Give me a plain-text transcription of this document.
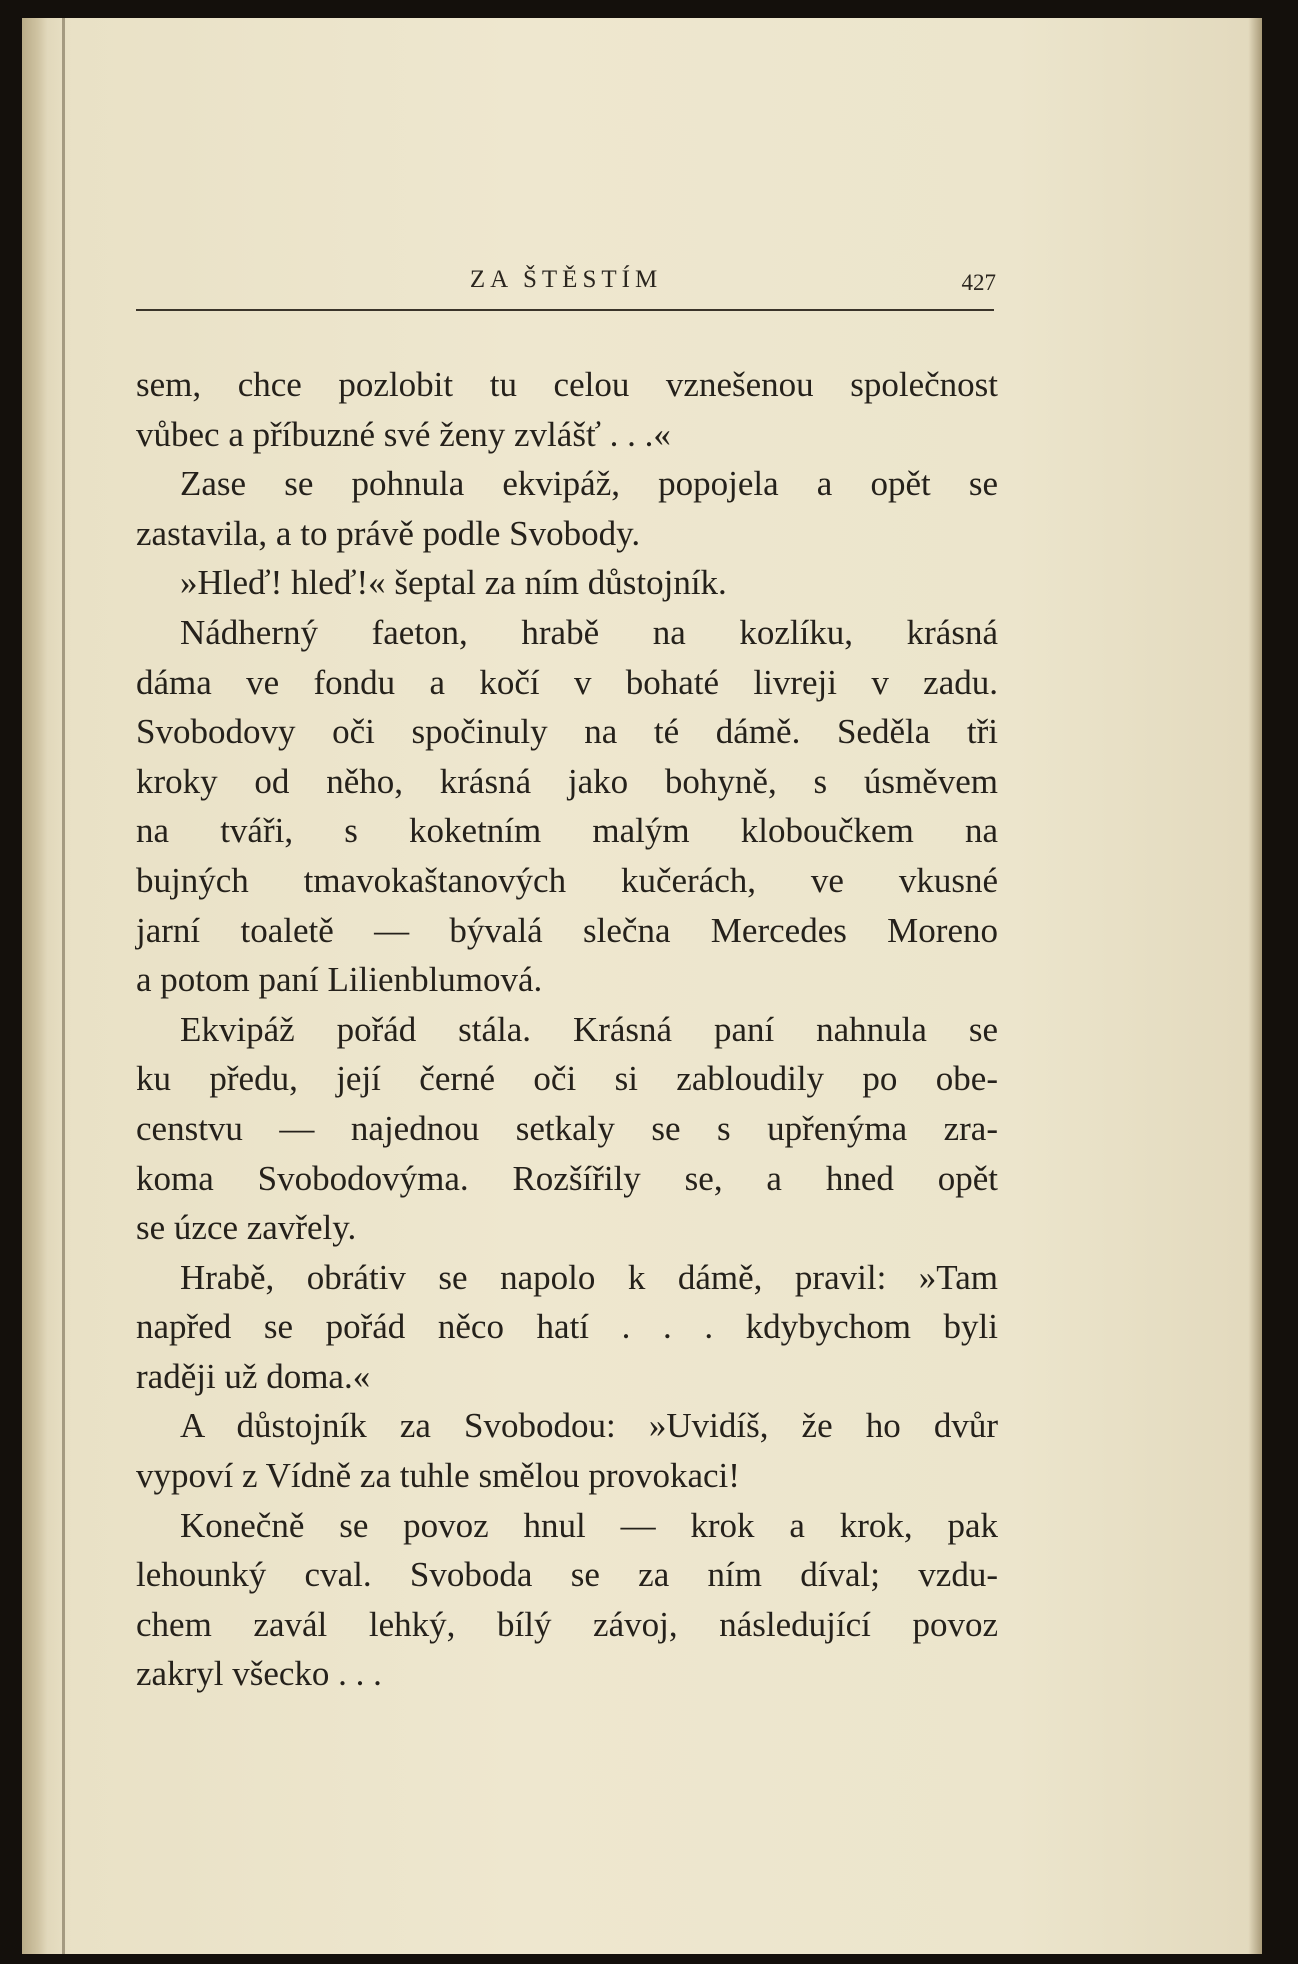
ZA ŠTĚSTÍM	427
sem, chce pozlobit tu celou vznešenou společnost
vůbec a příbuzné své ženy zvlášť . . .«
Zase se pohnula ekvipáž, popojela a opět se
zastavila, a to právě podle Svobody.
»Hleď! hleď!« šeptal za ním důstojník.
Nádherný faeton, hrabě na kozlíku, krásná
dáma ve fondu a kočí v bohaté livreji v zadu.
Svobodovy oči spočinuly na té dámě. Seděla tři
kroky od něho, krásná jako bohyně, s úsměvem
na tváři, s koketním malým kloboučkem na
bujných tmavokaštanových kučerách, ve vkusné
jarní toaletě — bývalá slečna Mercedes Moreno
a potom paní Lilienblumová.
Ekvipáž pořád stála. Krásná paní nahnula se
ku předu, její černé oči si zabloudily po obe-
censtvu — najednou setkaly se s upřenýma zra-
koma Svobodovýma. Rozšířily se, a hned opět
se úzce zavřely.
Hrabě, obrátiv se napolo k dámě, pravil: »Tam
napřed se pořád něco hatí . . . kdybychom byli
raději už doma.«
A důstojník za Svobodou: »Uvidíš, že ho dvůr
vypoví z Vídně za tuhle smělou provokaci!
Konečně se povoz hnul — krok a krok, pak
lehounký cval. Svoboda se za ním díval; vzdu-
chem zavál lehký, bílý závoj, následující povoz
zakryl všecko . . .
